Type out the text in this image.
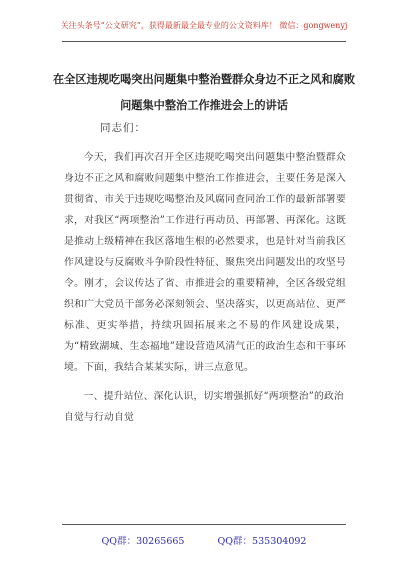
关注头条号“公文研究”，获得最新最全最专业的公文资料库！ 微信：gongwenyj
在全区违规吃喝突出问题集中整治暨群众身边不正之风和腐败问题集中整治工作推进会上的讲话
同志们：

今天，我们再次召开全区违规吃喝突出问题集中整治暨群众身边不正之风和腐败问题集中整治工作推进会，主要任务是深入贯彻省、市关于违规吃喝整治及风腐同查同治工作的最新部署要求，对我区“两项整治”工作进行再动员、再部署、再深化。这既是推动上级精神在我区落地生根的必然要求，也是针对当前我区作风建设与反腐败斗争阶段性特征、聚焦突出问题发出的攻坚号令。刚才，会议传达了省、市推进会的重要精神，全区各级党组织和广大党员干部务必深刻领会、坚决落实，以更高站位、更严标准、更实举措，持续巩固拓展来之不易的作风建设成果，为“精致湖城、生态福地”建设营造风清气正的政治生态和干事环境。下面，我结合某某实际，讲三点意见。

一、提升站位、深化认识，切实增强抓好“两项整治”的政治自觉与行动自觉
QQ群：30265665	QQ群：535304092
